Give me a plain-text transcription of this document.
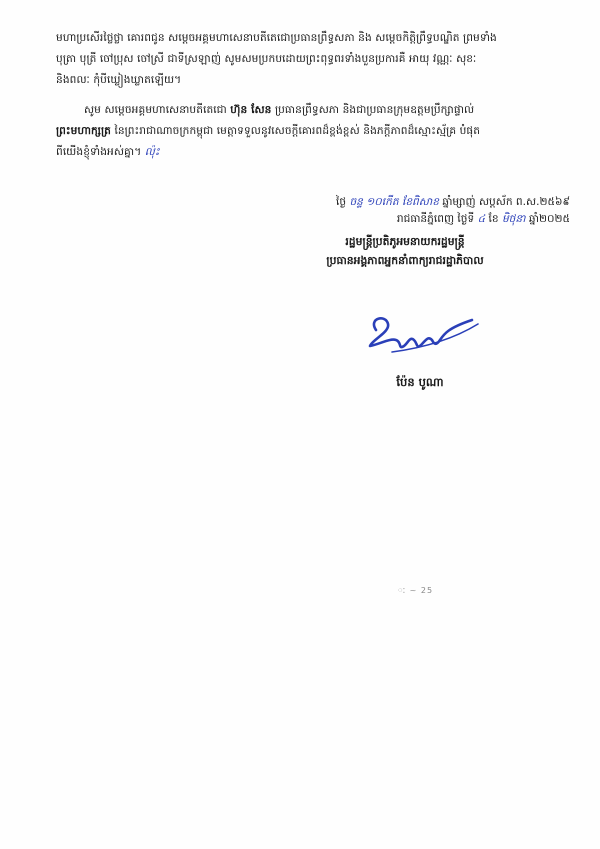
មហាប្រសើរថ្លៃថ្លា គោរពជូន សម្តេចអគ្គមហាសេនាបតីតេជោប្រធានព្រឹទ្ធសភា និង សម្តេចកិត្តិព្រឹទ្ធបណ្ឌិត ព្រមទាំង

បុត្រា បុត្រី ចៅប្រុស ចៅស្រី ជាទីស្រឡាញ់ សូមសមប្រកបដោយព្រះពុទ្ធពរទាំងបួនប្រការគឺ អាយុ វណ្ណៈ សុខៈ

និងពលៈ កុំបីឃ្លៀងឃ្លាតឡើយ។

សូម សម្តេចអគ្គមហាសេនាបតីតេជោ ហ៊ុន សែន ប្រធានព្រឹទ្ធសភា និងជាប្រធានក្រុមឧត្តមប្រឹក្សាផ្ទាល់

ព្រះមហាក្សត្រ នៃព្រះរាជាណាចក្រកម្ពុជា មេត្តាទទួលនូវសេចក្តីគោរពដ៏ខ្ពង់ខ្ពស់ និងភក្តីភាពដ៏ស្មោះស្ម័គ្រ បំផុត

ពីយើងខ្ញុំទាំងអស់គ្នា។ ល៉ុះ

ថ្ងៃ ចន្ទ ១០កើត ខែពិសាខ ឆ្នាំម្សាញ់ សប្តស័ក ព.ស.២៥៦៩

រាជធានីភ្នំពេញ ថ្ងៃទី ៤ ខែ មិថុនា ឆ្នាំ២០២៥

រដ្ឋមន្ត្រីប្រតិភូអមនាយករដ្ឋមន្ត្រី

ប្រធានអង្គភាពអ្នកនាំពាក្យរាជរដ្ឋាភិបាល

ប៉ែន បូណា
ៈ ~ 25
